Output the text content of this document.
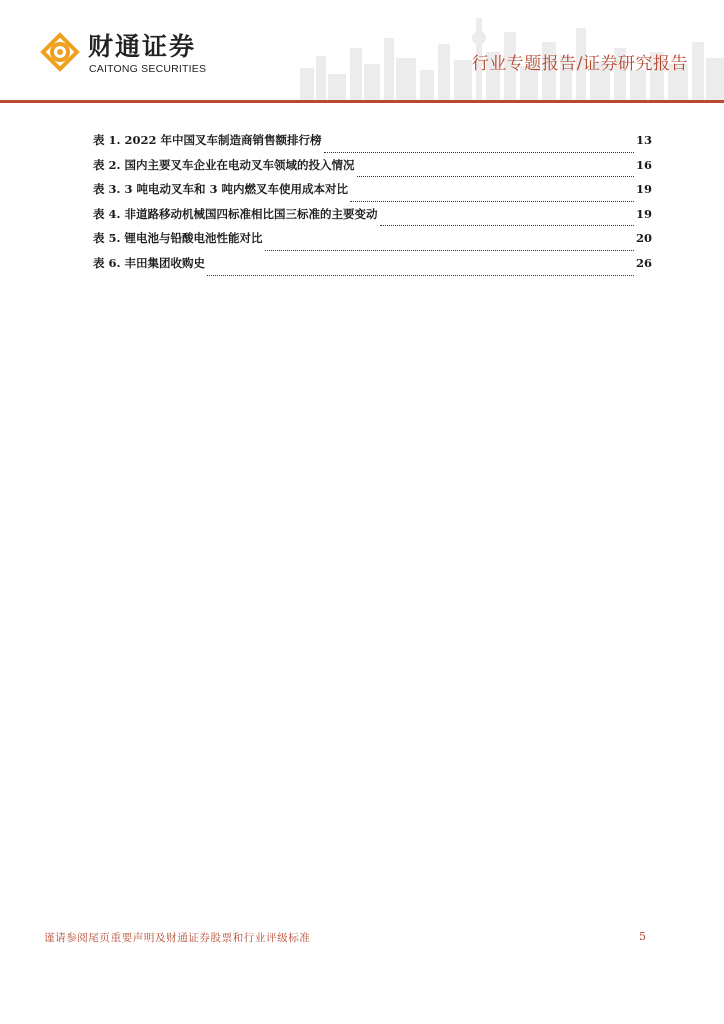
财通证券
CAITONG SECURITIES	行业专题报告/证券研究报告
表 1. 2022 年中国叉车制造商销售额排行榜	13
表 2. 国内主要叉车企业在电动叉车领域的投入情况	16
表 3. 3 吨电动叉车和 3 吨内燃叉车使用成本对比	19
表 4. 非道路移动机械国四标准相比国三标准的主要变动	19
表 5. 锂电池与铅酸电池性能对比	20
表 6. 丰田集团收购史	26
谨请参阅尾页重要声明及财通证券股票和行业评级标准	5
